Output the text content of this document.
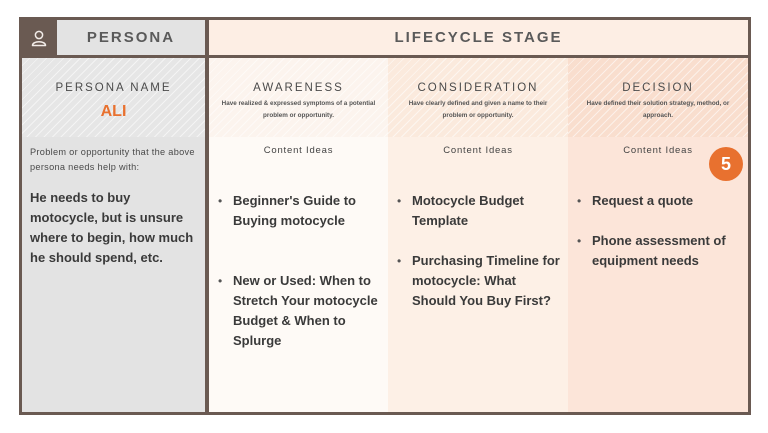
PERSONA	LIFECYCLE STAGE
PERSONA NAME
ALI
Problem or opportunity that the above persona needs help with:
He needs to buy motocycle, but is unsure where to begin, how much he should spend, etc.
AWARENESS
Have realized & expressed symptoms of a potential problem or opportunity.
Content Ideas
• Beginner's Guide to Buying motocycle
• New or Used: When to Stretch Your motocycle Budget & When to Splurge
CONSIDERATION
Have clearly defined and given a name to their problem or opportunity.
Content Ideas
• Motocycle Budget Template
• Purchasing Timeline for motocycle: What Should You Buy First?
DECISION
Have defined their solution strategy, method, or approach.
Content Ideas
• Request a quote
• Phone assessment of equipment needs
5
